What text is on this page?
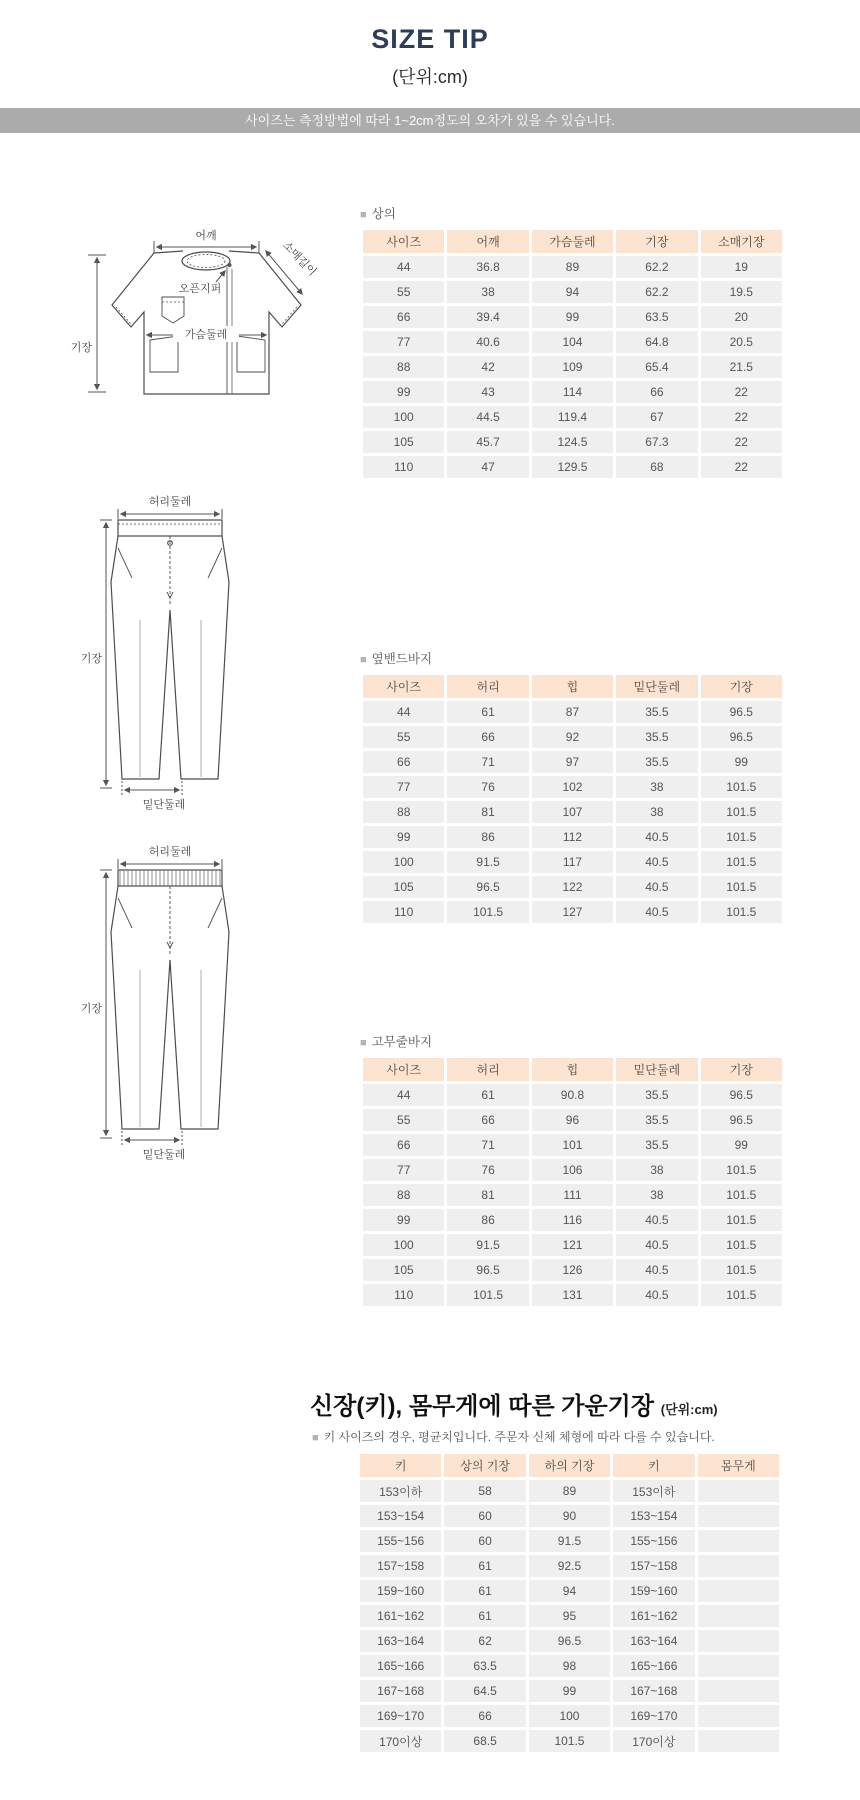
SIZE TIP
(단위:cm)
사이즈는 측정방법에 따라 1~2cm정도의 오차가 있을 수 있습니다.
기장
어깨
오픈지퍼
가슴둘레
소매길이
허리둘레
기장
밑단둘레
허리둘레
기장
밑단둘레
■ 상의
사이즈	어깨	가슴둘레	기장	소매기장
44	36.8	89	62.2	19
55	38	94	62.2	19.5
66	39.4	99	63.5	20
77	40.6	104	64.8	20.5
88	42	109	65.4	21.5
99	43	114	66	22
100	44.5	119.4	67	22
105	45.7	124.5	67.3	22
110	47	129.5	68	22
■ 옆밴드바지
사이즈	허리	힙	밑단둘레	기장
44	61	87	35.5	96.5
55	66	92	35.5	96.5
66	71	97	35.5	99
77	76	102	38	101.5
88	81	107	38	101.5
99	86	112	40.5	101.5
100	91.5	117	40.5	101.5
105	96.5	122	40.5	101.5
110	101.5	127	40.5	101.5
■ 고무줄바지
사이즈	허리	힙	밑단둘레	기장
44	61	90.8	35.5	96.5
55	66	96	35.5	96.5
66	71	101	35.5	99
77	76	106	38	101.5
88	81	111	38	101.5
99	86	116	40.5	101.5
100	91.5	121	40.5	101.5
105	96.5	126	40.5	101.5
110	101.5	131	40.5	101.5
신장(키), 몸무게에 따른 가운기장 (단위:cm)
■ 키 사이즈의 경우, 평균치입니다. 주문자 신체 체형에 따라 다를 수 있습니다.
키	상의 기장	하의 기장	키	몸무게
153이하	58	89	153이하	
153~154	60	90	153~154	
155~156	60	91.5	155~156	
157~158	61	92.5	157~158	
159~160	61	94	159~160	
161~162	61	95	161~162	
163~164	62	96.5	163~164	
165~166	63.5	98	165~166	
167~168	64.5	99	167~168	
169~170	66	100	169~170	
170이상	68.5	101.5	170이상	
